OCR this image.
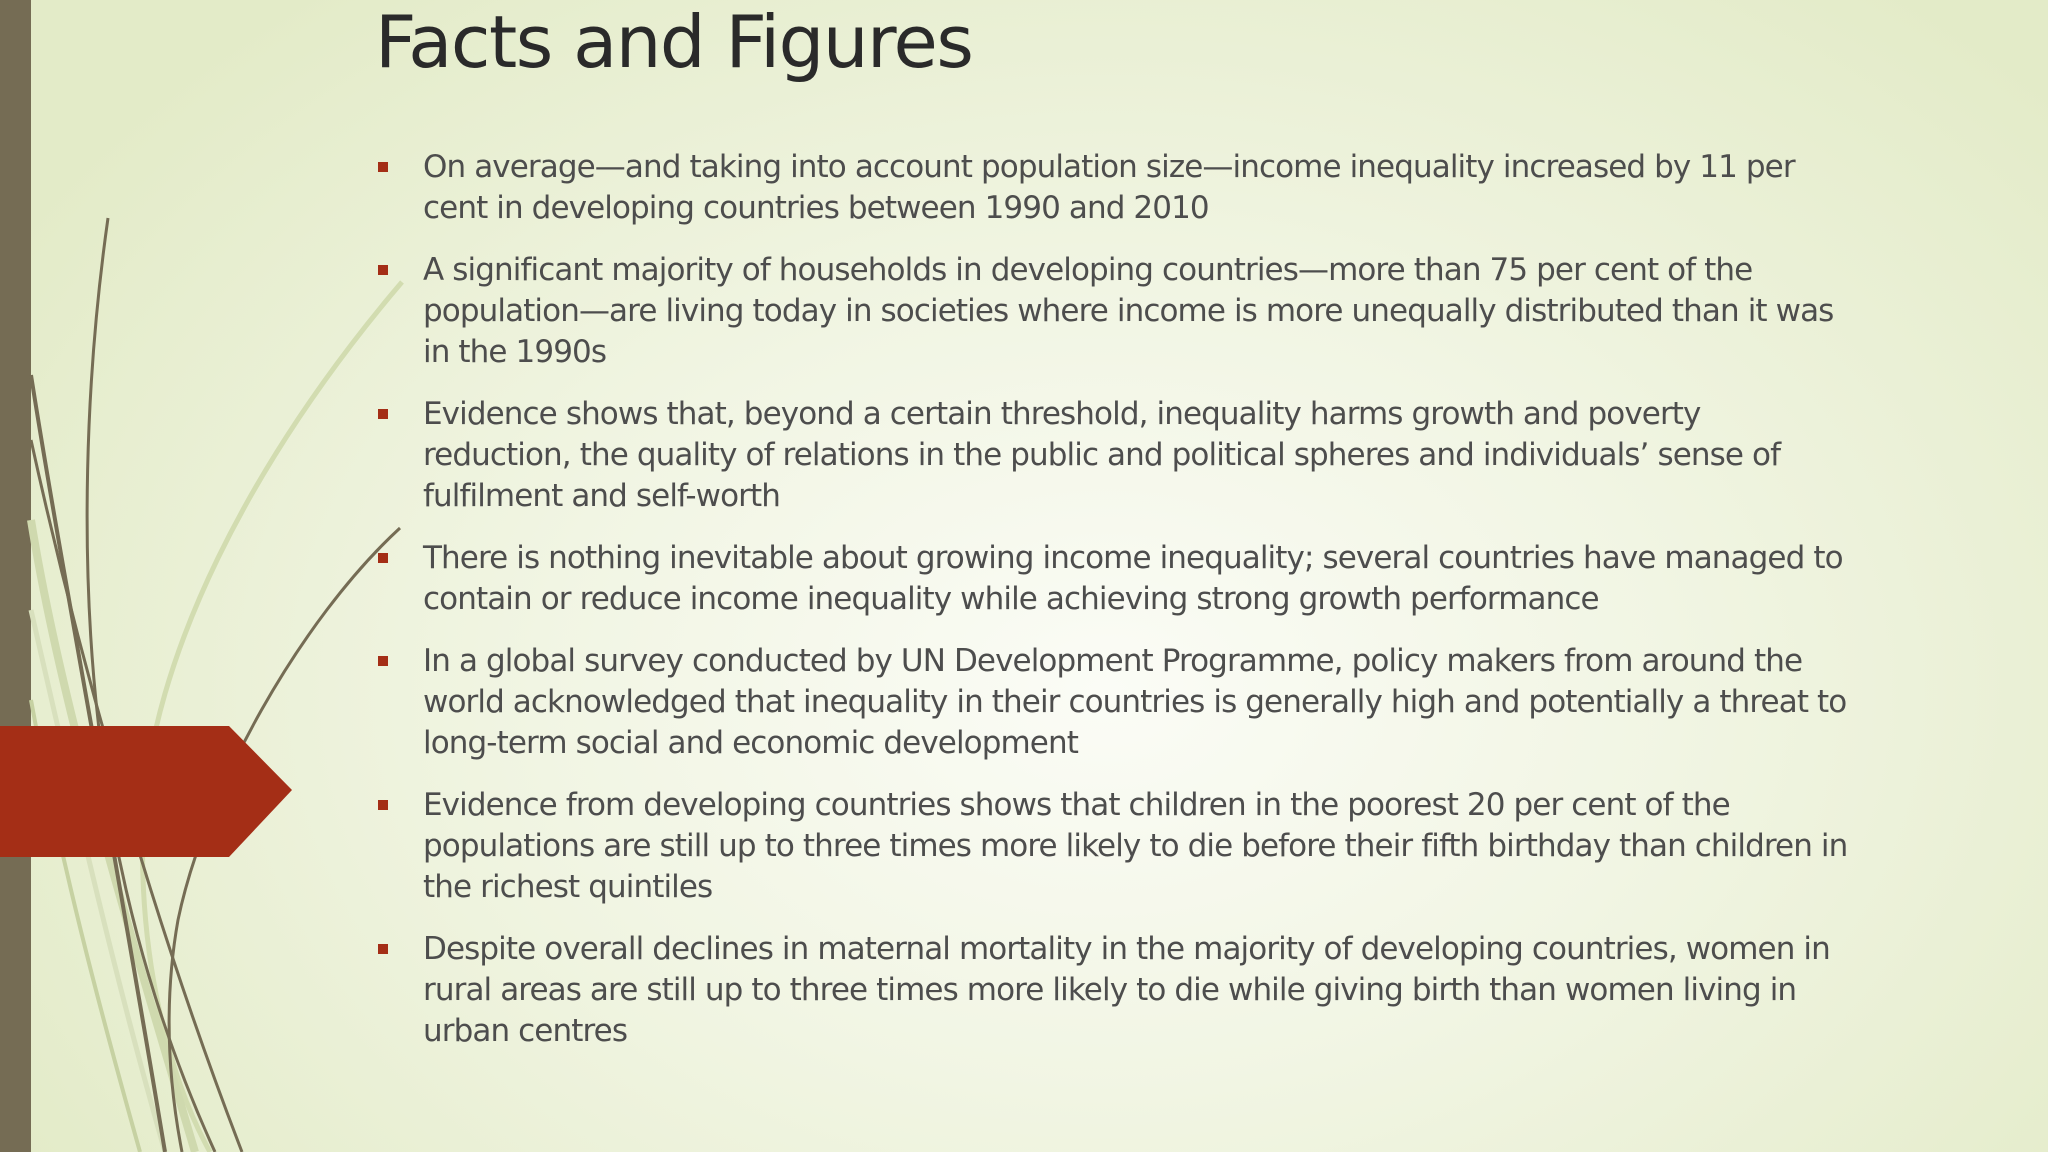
Facts and Figures
On average—and taking into account population size—income inequality increased by 11 per cent in developing countries between 1990 and 2010
A significant majority of households in developing countries—more than 75 per cent of the population—are living today in societies where income is more unequally distributed than it was in the 1990s
Evidence shows that, beyond a certain threshold, inequality harms growth and poverty reduction, the quality of relations in the public and political spheres and individuals’ sense of fulfilment and self-worth
There is nothing inevitable about growing income inequality; several countries have managed to contain or reduce income inequality while achieving strong growth performance
In a global survey conducted by UN Development Programme, policy makers from around the world acknowledged that inequality in their countries is generally high and potentially a threat to long-term social and economic development
Evidence from developing countries shows that children in the poorest 20 per cent of the populations are still up to three times more likely to die before their fifth birthday than children in the richest quintiles
Despite overall declines in maternal mortality in the majority of developing countries, women in rural areas are still up to three times more likely to die while giving birth than women living in urban centres
